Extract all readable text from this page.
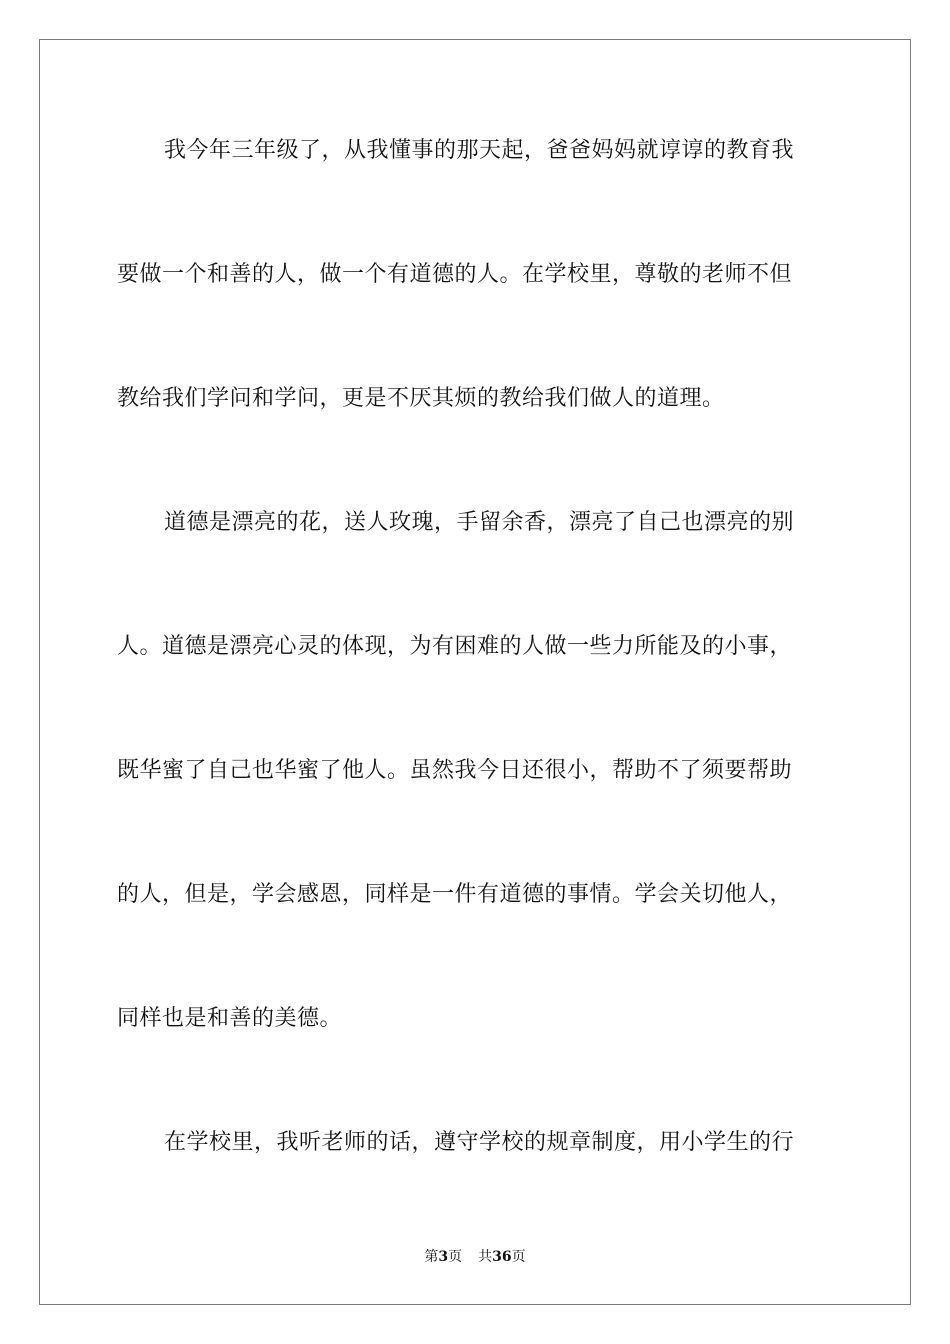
我今年三年级了，从我懂事的那天起，爸爸妈妈就谆谆的教育我
要做一个和善的人，做一个有道德的人。在学校里，尊敬的老师不但
教给我们学问和学问，更是不厌其烦的教给我们做人的道理。
道德是漂亮的花，送人玫瑰，手留余香，漂亮了自己也漂亮的别
人。道德是漂亮心灵的体现，为有困难的人做一些力所能及的小事，
既华蜜了自己也华蜜了他人。虽然我今日还很小，帮助不了须要帮助
的人，但是，学会感恩，同样是一件有道德的事情。学会关切他人，
同样也是和善的美德。
在学校里，我听老师的话，遵守学校的规章制度，用小学生的行
第3页 共36页
